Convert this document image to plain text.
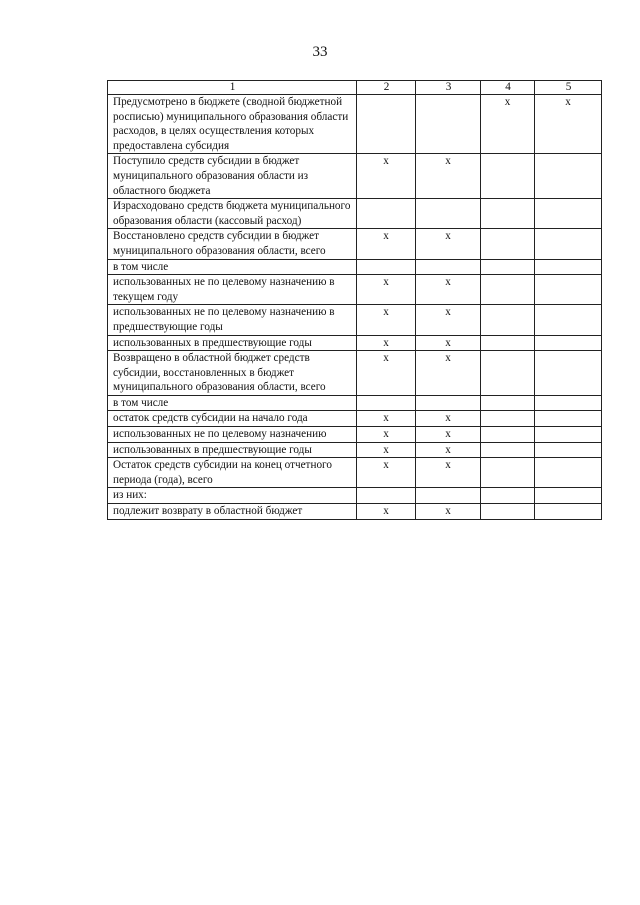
33
1	2	3	4	5
Предусмотрено в бюджете (сводной бюджетной росписью) муниципального образования области расходов, в целях осуществления которых предоставлена субсидия			х	х
Поступило средств субсидии в бюджет муниципального образования области из областного бюджета	х	х		
Израсходовано средств бюджета муниципального образования области (кассовый расход)				
Восстановлено средств субсидии в бюджет муниципального образования области, всего	х	х		
в том числе				
использованных не по целевому назначению в текущем году	х	х		
использованных не по целевому назначению в предшествующие годы	х	х		
использованных в предшествующие годы	х	х		
Возвращено в областной бюджет средств субсидии, восстановленных в бюджет муниципального образования области, всего	х	х		
в том числе				
остаток средств субсидии на начало года	х	х		
использованных не по целевому назначению	х	х		
использованных в предшествующие годы	х	х		
Остаток средств субсидии на конец отчетного периода (года), всего	х	х		
из них:				
подлежит возврату в областной бюджет	х	х		
